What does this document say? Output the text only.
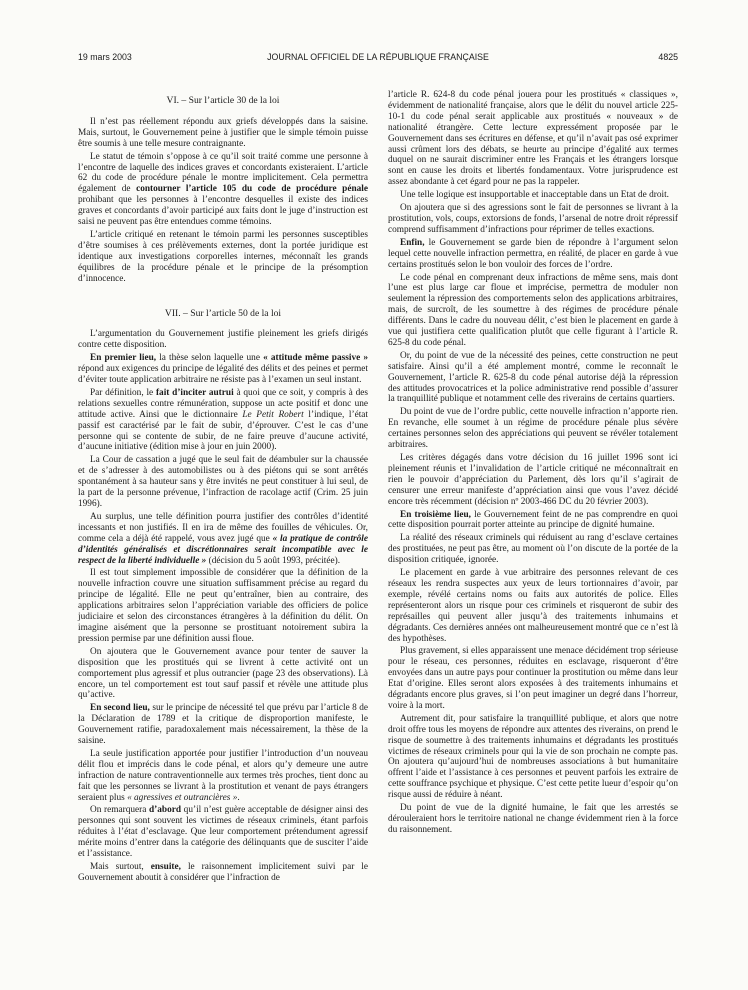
19 mars 2003	JOURNAL OFFICIEL DE LA RÉPUBLIQUE FRANÇAISE	4825
VI. – Sur l’article 30 de la loi

Il n’est pas réellement répondu aux griefs développés dans la saisine. Mais, surtout, le Gouvernement peine à justifier que le simple témoin puisse être soumis à une telle mesure contraignante.

Le statut de témoin s’oppose à ce qu’il soit traité comme une personne à l’encontre de laquelle des indices graves et concordants existeraient. L’article 62 du code de procédure pénale le montre implicitement. Cela permettra également de contourner l’article 105 du code de procédure pénale prohibant que les personnes à l’encontre desquelles il existe des indices graves et concordants d’avoir participé aux faits dont le juge d’instruction est saisi ne peuvent pas être entendues comme témoins.

L’article critiqué en retenant le témoin parmi les personnes susceptibles d’être soumises à ces prélèvements externes, dont la portée juridique est identique aux investigations corporelles internes, méconnaît les grands équilibres de la procédure pénale et le principe de la présomption d’innocence.

VII. – Sur l’article 50 de la loi

L’argumentation du Gouvernement justifie pleinement les griefs dirigés contre cette disposition.

En premier lieu, la thèse selon laquelle une « attitude même passive » répond aux exigences du principe de légalité des délits et des peines et permet d’éviter toute application arbitraire ne résiste pas à l’examen un seul instant.

Par définition, le fait d’inciter autrui à quoi que ce soit, y compris à des relations sexuelles contre rémunération, suppose un acte positif et donc une attitude active. Ainsi que le dictionnaire Le Petit Robert l’indique, l’état passif est caractérisé par le fait de subir, d’éprouver. C’est le cas d’une personne qui se contente de subir, de ne faire preuve d’aucune activité, d’aucune initiative (édition mise à jour en juin 2000).

La Cour de cassation a jugé que le seul fait de déambuler sur la chaussée et de s’adresser à des automobilistes ou à des piétons qui se sont arrêtés spontanément à sa hauteur sans y être invités ne peut constituer à lui seul, de la part de la personne prévenue, l’infraction de racolage actif (Crim. 25 juin 1996).

Au surplus, une telle définition pourra justifier des contrôles d’identité incessants et non justifiés. Il en ira de même des fouilles de véhicules. Or, comme cela a déjà été rappelé, vous avez jugé que « la pratique de contrôle d’identités généralisés et discrétionnaires serait incompatible avec le respect de la liberté individuelle » (décision du 5 août 1993, précitée).

Il est tout simplement impossible de considérer que la définition de la nouvelle infraction couvre une situation suffisamment précise au regard du principe de légalité. Elle ne peut qu’entraîner, bien au contraire, des applications arbitraires selon l’appréciation variable des officiers de police judiciaire et selon des circonstances étrangères à la définition du délit. On imagine aisément que la personne se prostituant notoirement subira la pression permise par une définition aussi floue.

On ajoutera que le Gouvernement avance pour tenter de sauver la disposition que les prostitués qui se livrent à cette activité ont un comportement plus agressif et plus outrancier (page 23 des observations). Là encore, un tel comportement est tout sauf passif et révèle une attitude plus qu’active.

En second lieu, sur le principe de nécessité tel que prévu par l’article 8 de la Déclaration de 1789 et la critique de disproportion manifeste, le Gouvernement ratifie, paradoxalement mais nécessairement, la thèse de la saisine.

La seule justification apportée pour justifier l’introduction d’un nouveau délit flou et imprécis dans le code pénal, et alors qu’y demeure une autre infraction de nature contraventionnelle aux termes très proches, tient donc au fait que les personnes se livrant à la prostitution et venant de pays étrangers seraient plus « agressives et outrancières ».

On remarquera d’abord qu’il n’est guère acceptable de désigner ainsi des personnes qui sont souvent les victimes de réseaux criminels, étant parfois réduites à l’état d’esclavage. Que leur comportement prétendument agressif mérite moins d’entrer dans la catégorie des délinquants que de susciter l’aide et l’assistance.

Mais surtout, ensuite, le raisonnement implicitement suivi par le Gouvernement aboutit à considérer que l’infraction de

l’article R. 624-8 du code pénal jouera pour les prostitués « classiques », évidemment de nationalité française, alors que le délit du nouvel article 225-10-1 du code pénal serait applicable aux prostitués « nouveaux » de nationalité étrangère. Cette lecture expressément proposée par le Gouvernement dans ses écritures en défense, et qu’il n’avait pas osé exprimer aussi crûment lors des débats, se heurte au principe d’égalité aux termes duquel on ne saurait discriminer entre les Français et les étrangers lorsque sont en cause les droits et libertés fondamentaux. Votre jurisprudence est assez abondante à cet égard pour ne pas la rappeler.

Une telle logique est insupportable et inacceptable dans un Etat de droit.

On ajoutera que si des agressions sont le fait de personnes se livrant à la prostitution, vols, coups, extorsions de fonds, l’arsenal de notre droit répressif comprend suffisamment d’infractions pour réprimer de telles exactions.

Enfin, le Gouvernement se garde bien de répondre à l’argument selon lequel cette nouvelle infraction permettra, en réalité, de placer en garde à vue certains prostitués selon le bon vouloir des forces de l’ordre.

Le code pénal en comprenant deux infractions de même sens, mais dont l’une est plus large car floue et imprécise, permettra de moduler non seulement la répression des comportements selon des applications arbitraires, mais, de surcroît, de les soumettre à des régimes de procédure pénale différents. Dans le cadre du nouveau délit, c’est bien le placement en garde à vue qui justifiera cette qualification plutôt que celle figurant à l’article R. 625-8 du code pénal.

Or, du point de vue de la nécessité des peines, cette construction ne peut satisfaire. Ainsi qu’il a été amplement montré, comme le reconnaît le Gouvernement, l’article R. 625-8 du code pénal autorise déjà la répression des attitudes provocatrices et la police administrative rend possible d’assurer la tranquillité publique et notamment celle des riverains de certains quartiers.

Du point de vue de l’ordre public, cette nouvelle infraction n’apporte rien. En revanche, elle soumet à un régime de procédure pénale plus sévère certaines personnes selon des appréciations qui peuvent se révéler totalement arbitraires.

Les critères dégagés dans votre décision du 16 juillet 1996 sont ici pleinement réunis et l’invalidation de l’article critiqué ne méconnaîtrait en rien le pouvoir d’appréciation du Parlement, dès lors qu’il s’agirait de censurer une erreur manifeste d’appréciation ainsi que vous l’avez décidé encore très récemment (décision nº 2003-466 DC du 20 février 2003).

En troisième lieu, le Gouvernement feint de ne pas comprendre en quoi cette disposition pourrait porter atteinte au principe de dignité humaine.

La réalité des réseaux criminels qui réduisent au rang d’esclave certaines des prostituées, ne peut pas être, au moment où l’on discute de la portée de la disposition critiquée, ignorée.

Le placement en garde à vue arbitraire des personnes relevant de ces réseaux les rendra suspectes aux yeux de leurs tortionnaires d’avoir, par exemple, révélé certains noms ou faits aux autorités de police. Elles représenteront alors un risque pour ces criminels et risqueront de subir des représailles qui peuvent aller jusqu’à des traitements inhumains et dégradants. Ces dernières années ont malheureusement montré que ce n’est là des hypothèses.

Plus gravement, si elles apparaissent une menace décidément trop sérieuse pour le réseau, ces personnes, réduites en esclavage, risqueront d’être envoyées dans un autre pays pour continuer la prostitution ou même dans leur Etat d’origine. Elles seront alors exposées à des traitements inhumains et dégradants encore plus graves, si l’on peut imaginer un degré dans l’horreur, voire à la mort.

Autrement dit, pour satisfaire la tranquillité publique, et alors que notre droit offre tous les moyens de répondre aux attentes des riverains, on prend le risque de soumettre à des traitements inhumains et dégradants les prostitués victimes de réseaux criminels pour qui la vie de son prochain ne compte pas. On ajoutera qu’aujourd’hui de nombreuses associations à but humanitaire offrent l’aide et l’assistance à ces personnes et peuvent parfois les extraire de cette souffrance psychique et physique. C’est cette petite lueur d’espoir qu’on risque aussi de réduire à néant.

Du point de vue de la dignité humaine, le fait que les arrestés se dérouleraient hors le territoire national ne change évidemment rien à la force du raisonnement.
